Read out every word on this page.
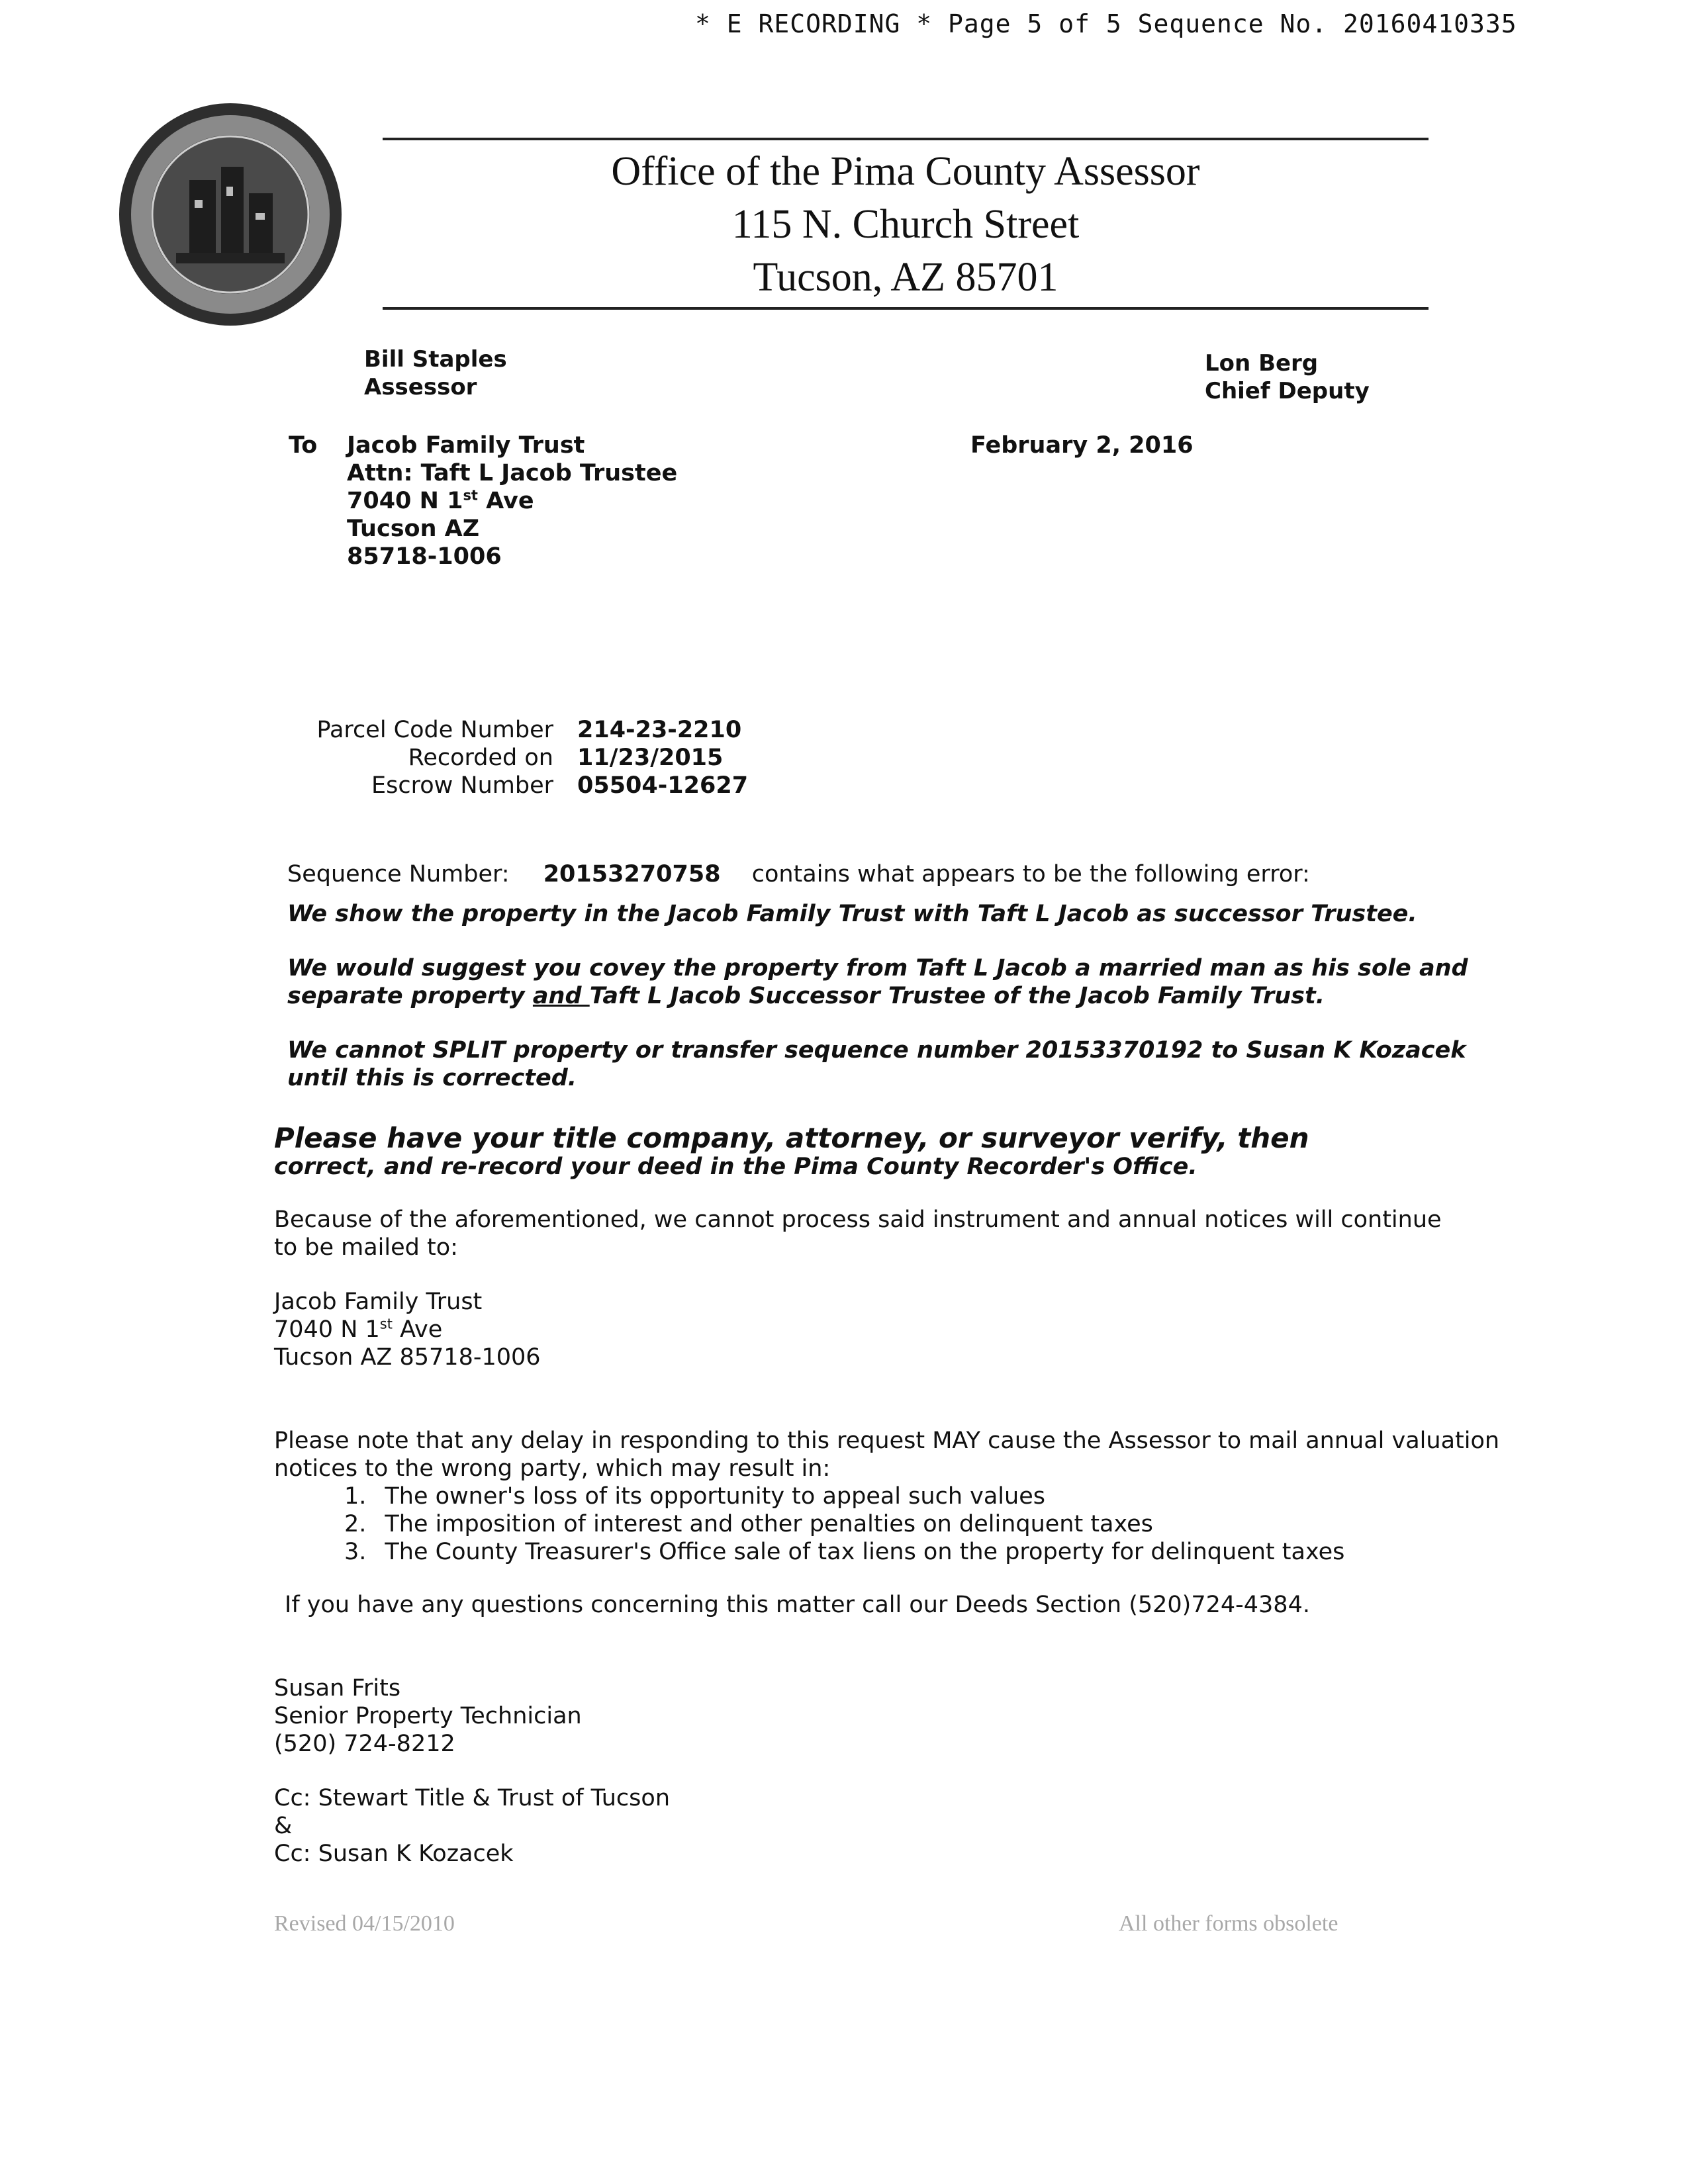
* E RECORDING * Page 5 of 5 Sequence No. 20160410335
Office of the Pima County Assessor
115 N. Church Street
Tucson, AZ 85701
Bill Staples
Assessor
Lon Berg
Chief Deputy
To Jacob Family Trust
Attn: Taft L Jacob Trustee
7040 N 1st Ave
Tucson AZ
85718-1006
February 2, 2016
Parcel Code Number
Recorded on
Escrow Number
214-23-2210
11/23/2015
05504-12627
Sequence Number: 20153270758 contains what appears to be the following error:
We show the property in the Jacob Family Trust with Taft L Jacob as successor Trustee.
We would suggest you covey the property from Taft L Jacob a married man as his sole and
separate property and Taft L Jacob Successor Trustee of the Jacob Family Trust.
We cannot SPLIT property or transfer sequence number 20153370192 to Susan K Kozacek
until this is corrected.
Please have your title company, attorney, or surveyor verify, then
correct, and re-record your deed in the Pima County Recorder's Office.
Because of the aforementioned, we cannot process said instrument and annual notices will continue
to be mailed to:
Jacob Family Trust
7040 N 1st Ave
Tucson AZ 85718-1006
Please note that any delay in responding to this request MAY cause the Assessor to mail annual valuation
notices to the wrong party, which may result in:
1. The owner's loss of its opportunity to appeal such values
2. The imposition of interest and other penalties on delinquent taxes
3. The County Treasurer's Office sale of tax liens on the property for delinquent taxes
If you have any questions concerning this matter call our Deeds Section (520)724-4384.
Susan Frits
Senior Property Technician
(520) 724-8212
Cc: Stewart Title & Trust of Tucson
&
Cc: Susan K Kozacek
Revised 04/15/2010	All other forms obsolete
